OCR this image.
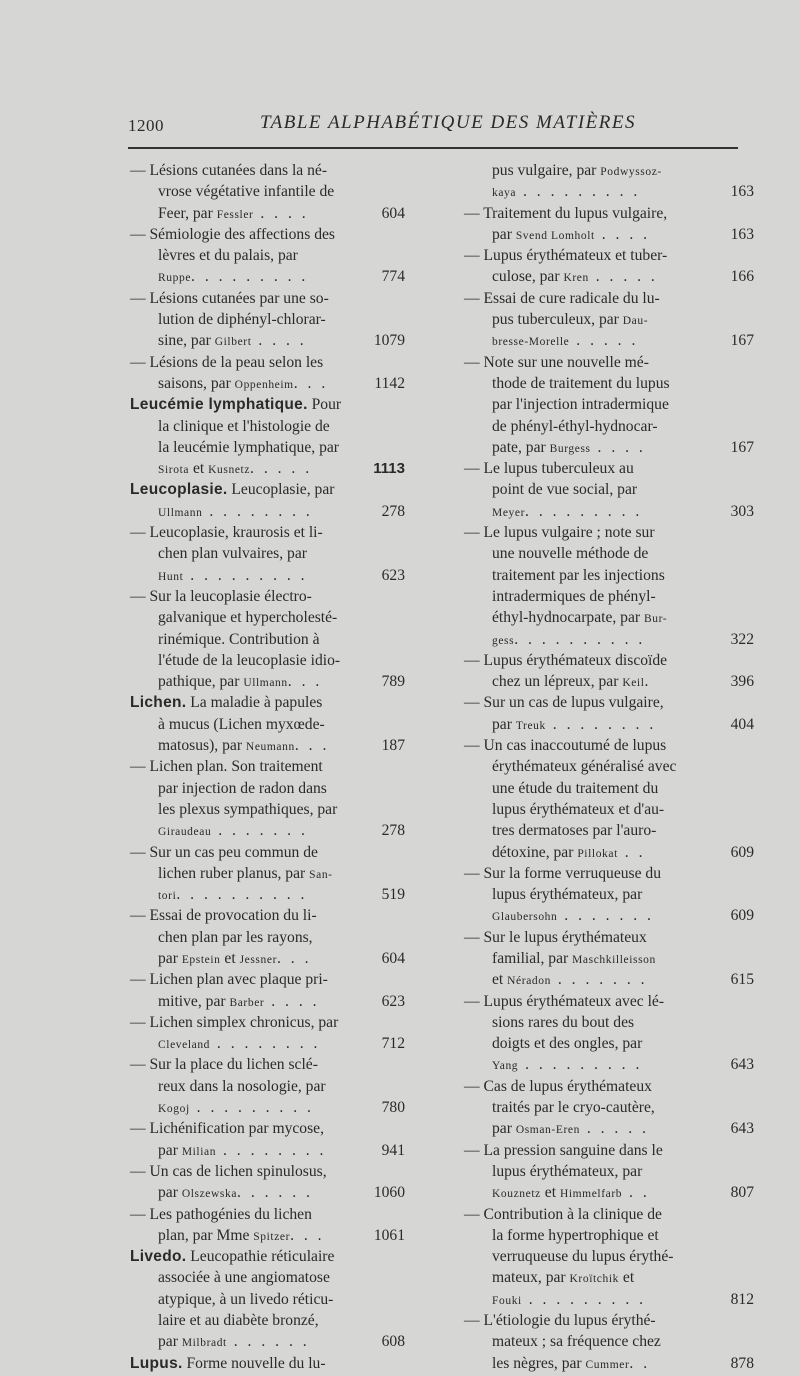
1200	TABLE ALPHABÉTIQUE DES MATIÈRES
— Lésions cutanées dans la né-
vrose végétative infantile de
Feer, par Fessler . . . .	604
— Sémiologie des affections des
lèvres et du palais, par
Ruppe. . . . . . . . .	774
— Lésions cutanées par une so-
lution de diphényl-chlorar-
sine, par Gilbert . . . .	1079
— Lésions de la peau selon les
saisons, par Oppenheim. . .	1142
Leucémie lymphatique. Pour
la clinique et l'histologie de
la leucémie lymphatique, par
Sirota et Kusnetz. . . . .	1113
Leucoplasie. Leucoplasie, par
Ullmann . . . . . . . .	278
— Leucoplasie, kraurosis et li-
chen plan vulvaires, par
Hunt . . . . . . . . .	623
— Sur la leucoplasie électro-
galvanique et hypercholesté-
rinémique. Contribution à
l'étude de la leucoplasie idio-
pathique, par Ullmann. . .	789
Lichen. La maladie à papules
à mucus (Lichen myxœde-
matosus), par Neumann. . .	187
— Lichen plan. Son traitement
par injection de radon dans
les plexus sympathiques, par
Giraudeau . . . . . . .	278
— Sur un cas peu commun de
lichen ruber planus, par San-
tori. . . . . . . . . .	519
— Essai de provocation du li-
chen plan par les rayons,
par Epstein et Jessner. . .	604
— Lichen plan avec plaque pri-
mitive, par Barber . . . .	623
— Lichen simplex chronicus, par
Cleveland . . . . . . . .	712
— Sur la place du lichen sclé-
reux dans la nosologie, par
Kogoj . . . . . . . . .	780
— Lichénification par mycose,
par Milian . . . . . . . .	941
— Un cas de lichen spinulosus,
par Olszewska. . . . . .	1060
— Les pathogénies du lichen
plan, par Mme Spitzer. . .	1061
Livedo. Leucopathie réticulaire
associée à une angiomatose
atypique, à un livedo réticu-
laire et au diabète bronzé,
par Milbradt . . . . . .	608
Lupus. Forme nouvelle du lu-
pus vulgaire, par Podwyssoz-
kaya . . . . . . . . .	163
— Traitement du lupus vulgaire,
par Svend Lomholt . . . .	163
— Lupus érythémateux et tuber-
culose, par Kren . . . . .	166
— Essai de cure radicale du lu-
pus tuberculeux, par Dau-
bresse-Morelle . . . . .	167
— Note sur une nouvelle mé-
thode de traitement du lupus
par l'injection intradermique
de phényl-éthyl-hydnocar-
pate, par Burgess . . . .	167
— Le lupus tuberculeux au
point de vue social, par
Meyer. . . . . . . . .	303
— Le lupus vulgaire ; note sur
une nouvelle méthode de
traitement par les injections
intradermiques de phényl-
éthyl-hydnocarpate, par Bur-
gess. . . . . . . . . .	322
— Lupus érythémateux discoïde
chez un lépreux, par Keil.	396
— Sur un cas de lupus vulgaire,
par Treuk . . . . . . . .	404
— Un cas inaccoutumé de lupus
érythémateux généralisé avec
une étude du traitement du
lupus érythémateux et d'au-
tres dermatoses par l'auro-
détoxine, par Pillokat . .	609
— Sur la forme verruqueuse du
lupus érythémateux, par
Glaubersohn . . . . . . .	609
— Sur le lupus érythémateux
familial, par Maschkilleisson
et Néradon . . . . . . .	615
— Lupus érythémateux avec lé-
sions rares du bout des
doigts et des ongles, par
Yang . . . . . . . . .	643
— Cas de lupus érythémateux
traités par le cryo-cautère,
par Osman-Eren . . . . .	643
— La pression sanguine dans le
lupus érythémateux, par
Kouznetz et Himmelfarb . .	807
— Contribution à la clinique de
la forme hypertrophique et
verruqueuse du lupus érythé-
mateux, par Kroïtchik et
Fouki . . . . . . . . .	812
— L'étiologie du lupus érythé-
mateux ; sa fréquence chez
les nègres, par Cummer. .	878
